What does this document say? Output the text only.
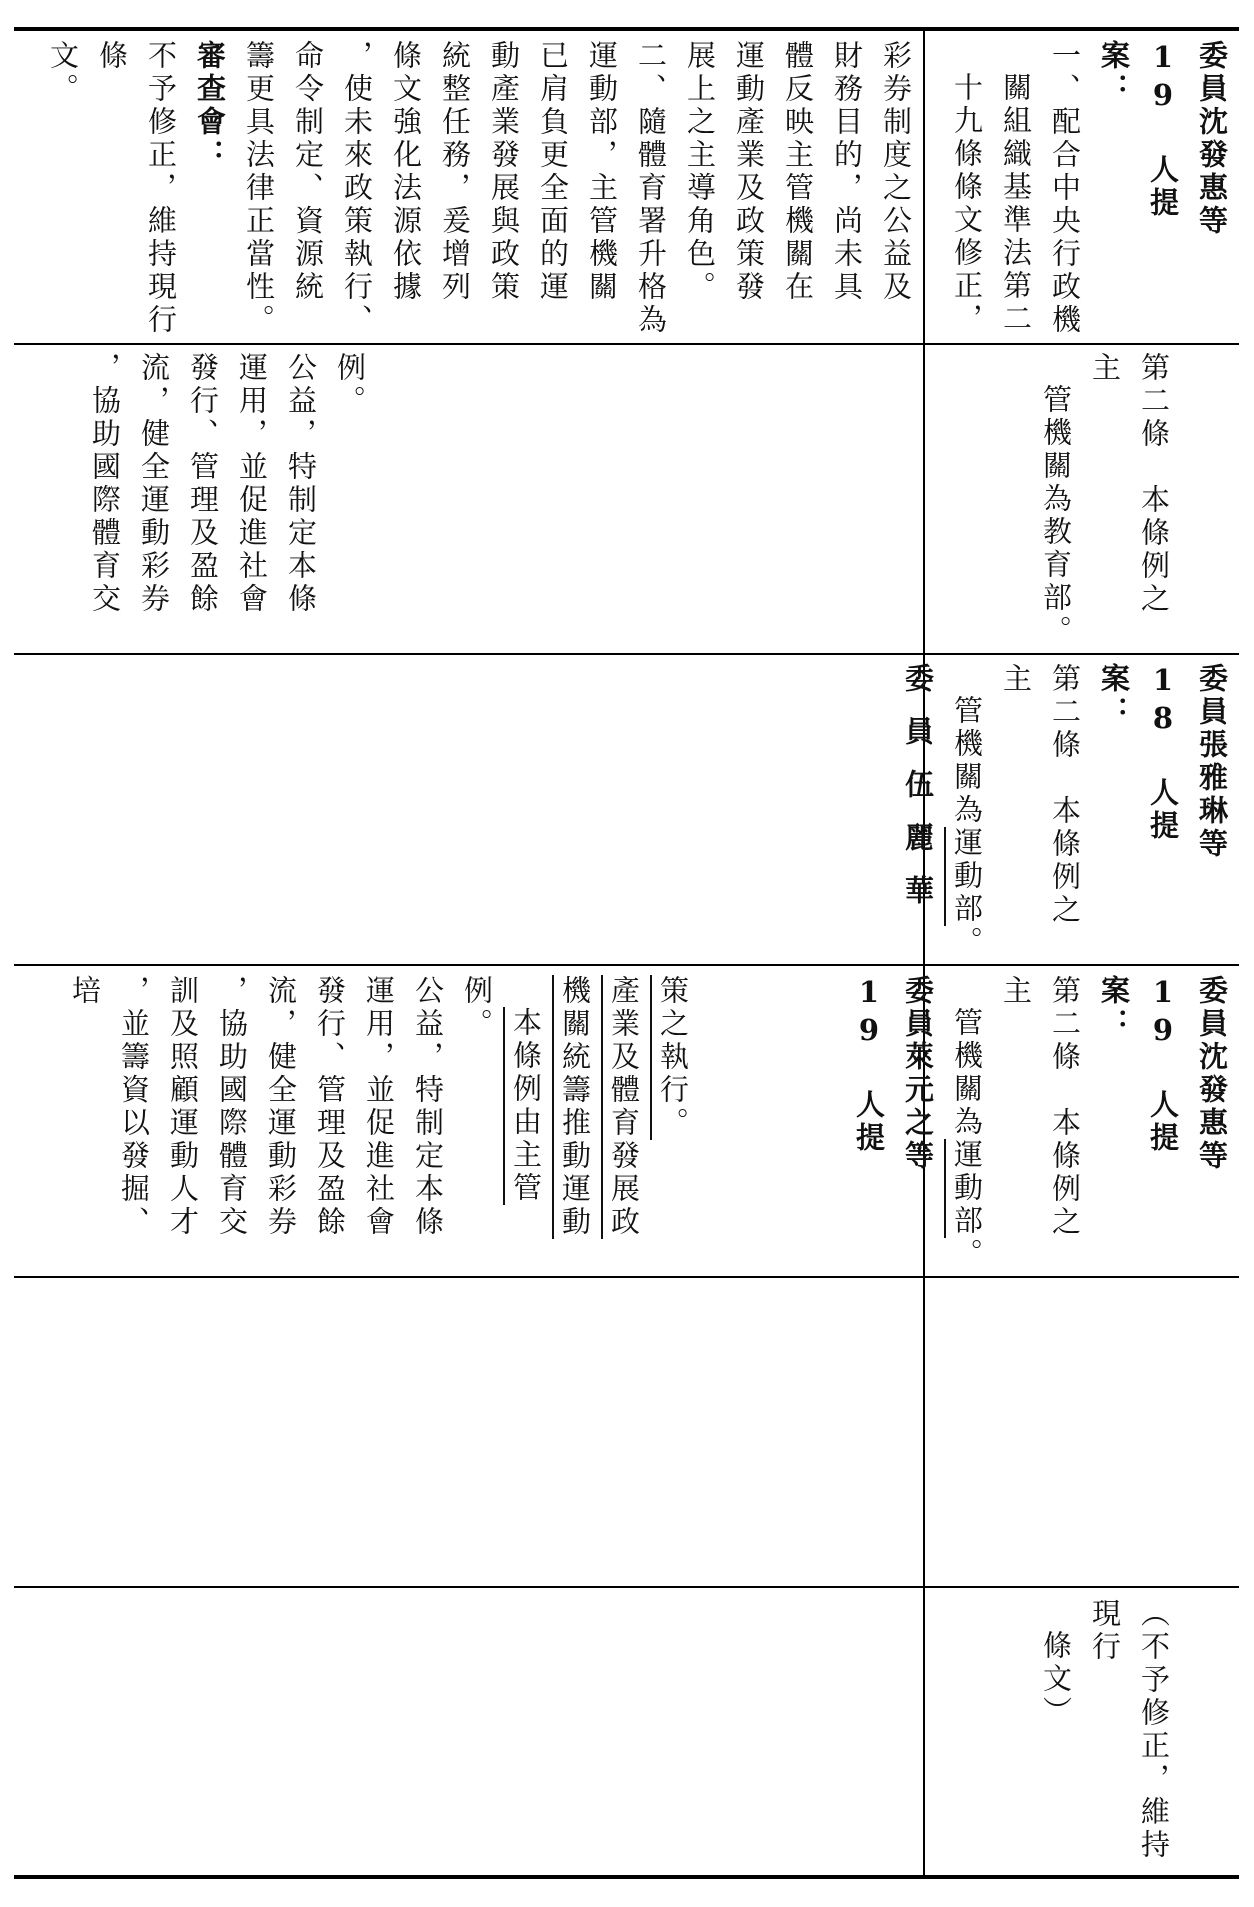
彩券制度之公益及

財務目的，尚未具

體反映主管機關在

運動產業及政策發

展上之主導角色。

二、隨體育署升格為

運動部，主管機關

已肩負更全面的運

動產業發展與政策

統整任務，爰增列

條文強化法源依據

，使未來政策執行、

命令制定、資源統

籌更具法律正當性。

審查會：

不予修正，維持現行條

文。

例。

公益，特制定本條

運用，並促進社會

發行、管理及盈餘

流，健全運動彩券

，協助國際體育交

策之執行。

產業及體育發展政

機關統籌推動運動

本條例由主管

例。

公益，特制定本條

運用，並促進社會

發行、管理及盈餘

流，健全運動彩券

，協助國際體育交

訓及照顧運動人才

，並籌資以發掘、培

委員沈發惠等 19 人提

案：

一、配合中央行政機

關組織基準法第二

十九條條文修正，

第二條　本條例之主

管機關為教育部。

委員張雅琳等 18 人提

案：

第二條　本條例之主

管機關為運動部。

委員伍麗華

委員沈發惠等 19 人提

案：

第二條　本條例之主

管機關為運動部。

委員萊元之等 19 人提

（不予修正，維持現行

條文）
